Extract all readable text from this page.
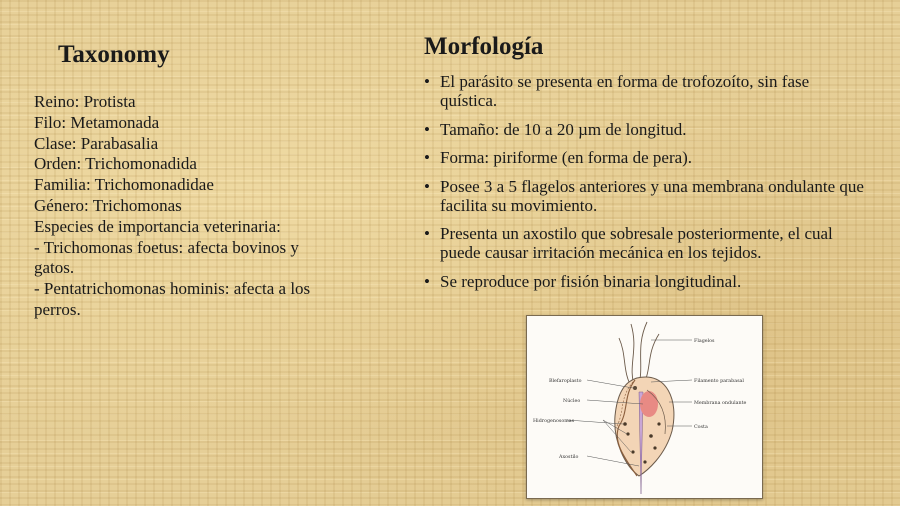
Taxonomy
Reino: Protista
Filo: Metamonada
Clase: Parabasalia
Orden: Trichomonadida
Familia: Trichomonadidae
Género: Trichomonas
Especies de importancia veterinaria:
- Trichomonas foetus: afecta bovinos y gatos.
- Pentatrichomonas hominis: afecta a los perros.
Morfología
• El parásito se presenta en forma de trofozoíto, sin fase quística.
• Tamaño: de 10 a 20 µm de longitud.
• Forma: piriforme (en forma de pera).
• Posee 3 a 5 flagelos anteriores y una membrana ondulante que facilita su movimiento.
• Presenta un axostilo que sobresale posteriormente, el cual puede causar irritación mecánica en los tejidos.
• Se reproduce por fisión binaria longitudinal.
Flagelos
Filamento parabasal
Blefaroplasto
Membrana ondulante
Núcleo
Costa
Hidrogenosomas
Axostilo
